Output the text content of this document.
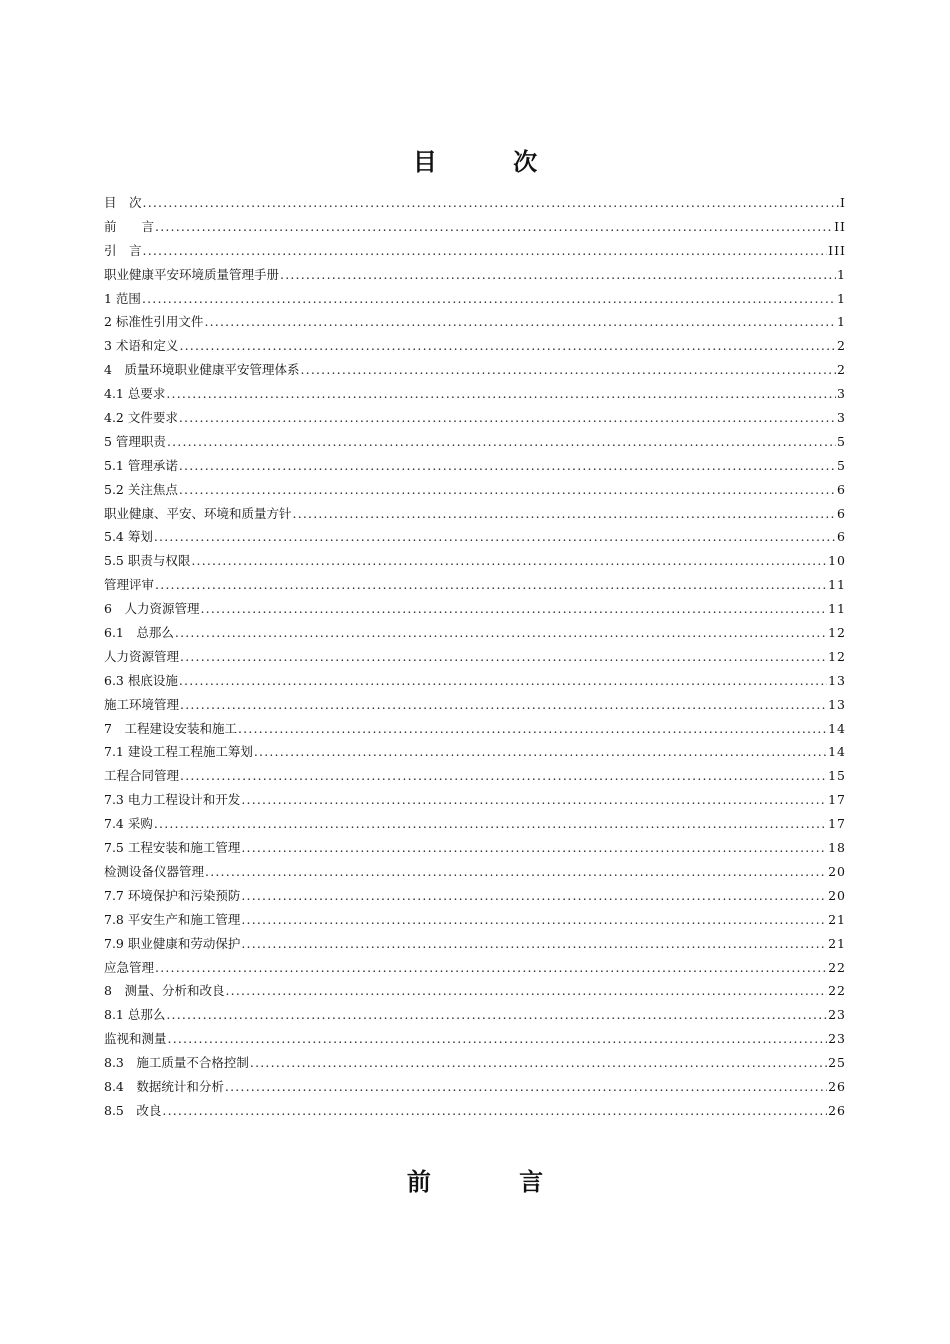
目 次
目　次 .....	I
前　　言 .....	II
引　言 .....	III
职业健康平安环境质量管理手册 .....	1
1 范围 .....	1
2 标准性引用文件 .....	1
3 术语和定义 .....	2
4　质量环境职业健康平安管理体系 .....	2
4.1 总要求 .....	3
4.2 文件要求 .....	3
5 管理职责 .....	5
5.1 管理承诺 .....	5
5.2 关注焦点 .....	6
职业健康、平安、环境和质量方针 .....	6
5.4 筹划 .....	6
5.5 职责与权限 .....	10
管理评审 .....	11
6　人力资源管理 .....	11
6.1　总那么 .....	12
人力资源管理 .....	12
6.3 根底设施 .....	13
施工环境管理 .....	13
7　工程建设安装和施工 .....	14
7.1 建设工程工程施工筹划 .....	14
工程合同管理 .....	15
7.3 电力工程设计和开发 .....	17
7.4 采购 .....	17
7.5 工程安装和施工管理 .....	18
检测设备仪器管理 .....	20
7.7 环境保护和污染预防 .....	20
7.8 平安生产和施工管理 .....	21
7.9 职业健康和劳动保护 .....	21
应急管理 .....	22
8　测量、分析和改良 .....	22
8.1 总那么 .....	23
监视和测量 .....	23
8.3　施工质量不合格控制 .....	25
8.4　数据统计和分析 .....	26
8.5　改良 .....	26
前 言
